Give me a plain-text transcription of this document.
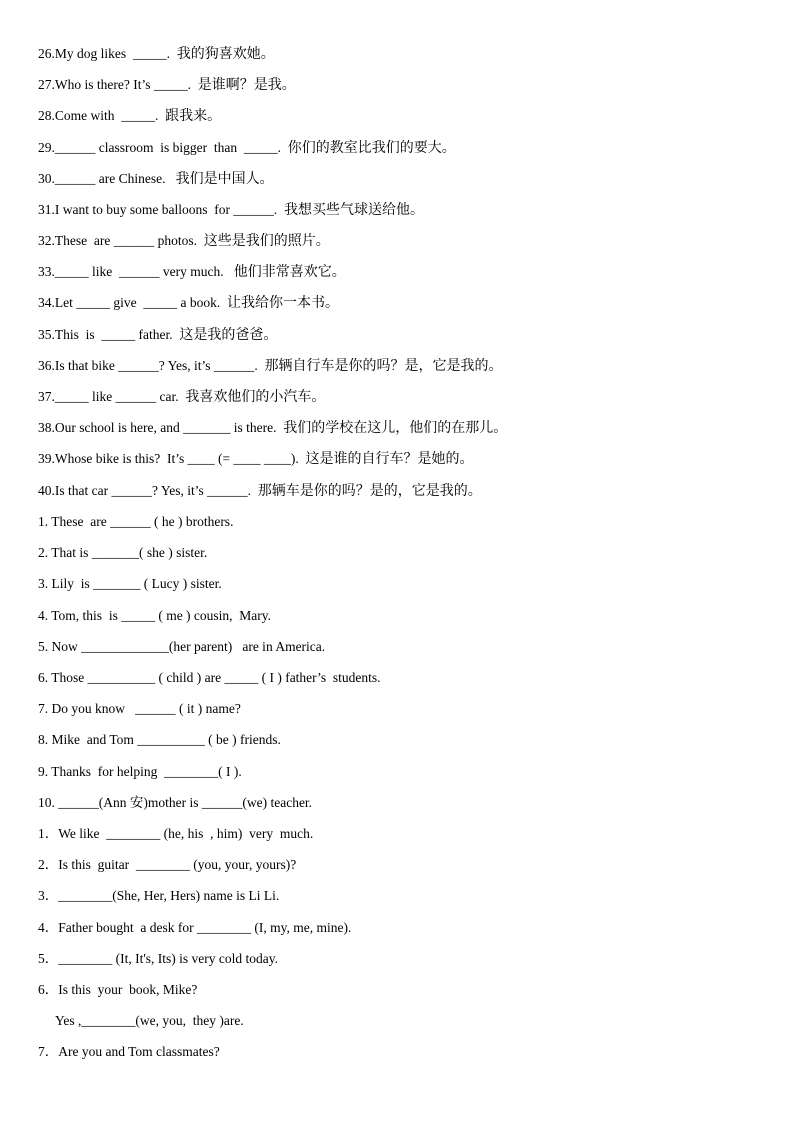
26.My dog likes  _____.  我的狗喜欢她。
27.Who is there? It’s _____.  是谁啊？是我。
28.Come with  _____.  跟我来。
29.______ classroom  is bigger  than  _____.  你们的教室比我们的要大。
30.______ are Chinese.   我们是中国人。
31.I want to buy some balloons  for ______.  我想买些气球送给他。
32.These  are ______ photos.  这些是我们的照片。
33._____ like  ______ very much.   他们非常喜欢它。
34.Let _____ give  _____ a book.  让我给你一本书。
35.This  is  _____ father.  这是我的爸爸。
36.Is that bike ______? Yes, it’s ______.  那辆自行车是你的吗？是，它是我的。
37._____ like ______ car.  我喜欢他们的小汽车。
38.Our school is here, and _______ is there.  我们的学校在这儿，他们的在那儿。
39.Whose bike is this?  It’s ____ (= ____ ____).  这是谁的自行车？是她的。
40.Is that car ______? Yes, it’s ______.  那辆车是你的吗？是的，它是我的。
1. These  are ______ ( he ) brothers.
2. That is _______( she ) sister.
3. Lily  is _______ ( Lucy ) sister.
4. Tom, this  is _____ ( me ) cousin,  Mary.
5. Now _____________(her parent)   are in America.
6. Those __________ ( child ) are _____ ( I ) father’s  students.
7. Do you know   ______ ( it ) name?
8. Mike  and Tom __________ ( be ) friends.
9. Thanks  for helping  ________( I ).
10. ______(Ann 安)mother is ______(we) teacher.
1．We like  ________ (he, his  , him)  very  much.
2．Is this  guitar  ________ (you, your, yours)?
3．________(She, Her, Hers) name is Li Li.
4．Father bought  a desk for ________ (I, my, me, mine).
5．________ (It, It's, Its) is very cold today.
6．Is this  your  book, Mike?
Yes ,________(we, you,  they )are.
7．Are you and Tom classmates?
